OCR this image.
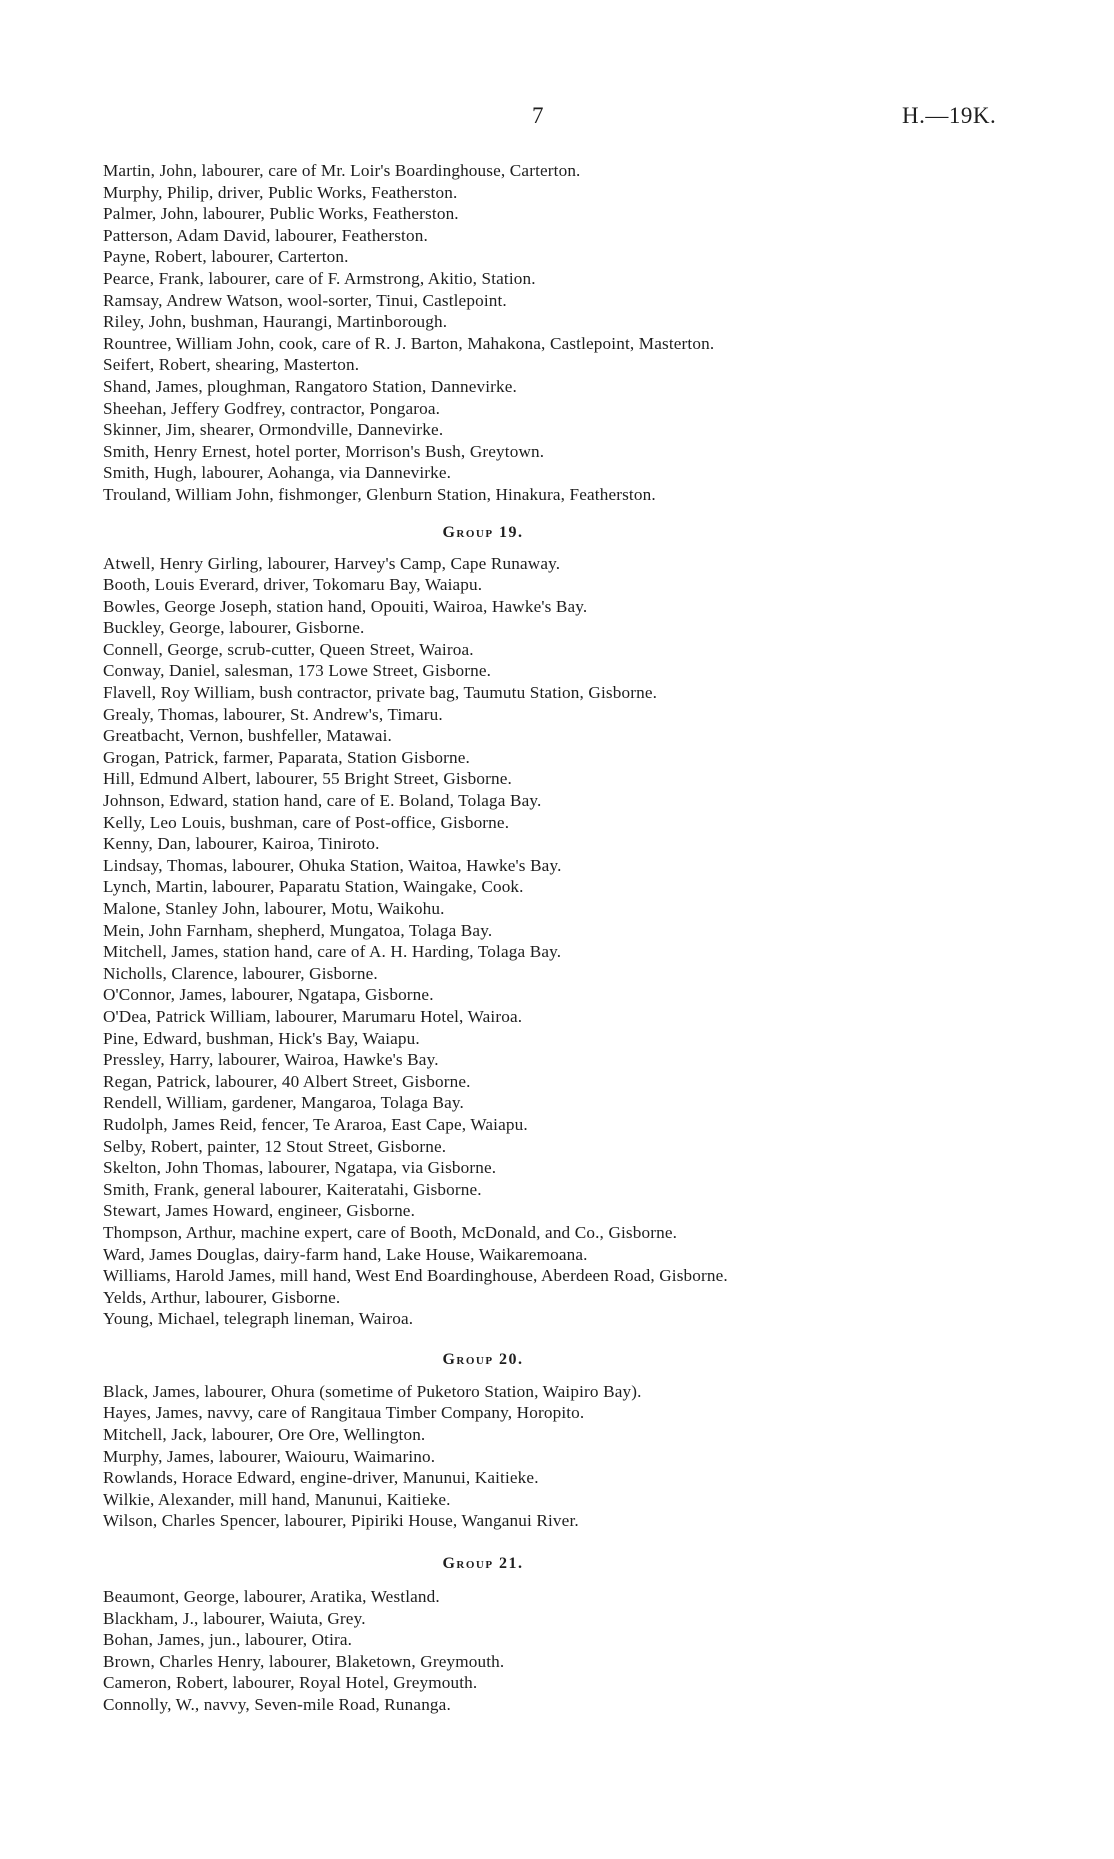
7	H.—19K.
Martin, John, labourer, care of Mr. Loir's Boardinghouse, Carterton.
Murphy, Philip, driver, Public Works, Featherston.
Palmer, John, labourer, Public Works, Featherston.
Patterson, Adam David, labourer, Featherston.
Payne, Robert, labourer, Carterton.
Pearce, Frank, labourer, care of F. Armstrong, Akitio, Station.
Ramsay, Andrew Watson, wool-sorter, Tinui, Castlepoint.
Riley, John, bushman, Haurangi, Martinborough.
Rountree, William John, cook, care of R. J. Barton, Mahakona, Castlepoint, Masterton.
Seifert, Robert, shearing, Masterton.
Shand, James, ploughman, Rangatoro Station, Dannevirke.
Sheehan, Jeffery Godfrey, contractor, Pongaroa.
Skinner, Jim, shearer, Ormondville, Dannevirke.
Smith, Henry Ernest, hotel porter, Morrison's Bush, Greytown.
Smith, Hugh, labourer, Aohanga, via Dannevirke.
Trouland, William John, fishmonger, Glenburn Station, Hinakura, Featherston.
Group 19.
Atwell, Henry Girling, labourer, Harvey's Camp, Cape Runaway.
Booth, Louis Everard, driver, Tokomaru Bay, Waiapu.
Bowles, George Joseph, station hand, Opouiti, Wairoa, Hawke's Bay.
Buckley, George, labourer, Gisborne.
Connell, George, scrub-cutter, Queen Street, Wairoa.
Conway, Daniel, salesman, 173 Lowe Street, Gisborne.
Flavell, Roy William, bush contractor, private bag, Taumutu Station, Gisborne.
Grealy, Thomas, labourer, St. Andrew's, Timaru.
Greatbacht, Vernon, bushfeller, Matawai.
Grogan, Patrick, farmer, Paparata, Station Gisborne.
Hill, Edmund Albert, labourer, 55 Bright Street, Gisborne.
Johnson, Edward, station hand, care of E. Boland, Tolaga Bay.
Kelly, Leo Louis, bushman, care of Post-office, Gisborne.
Kenny, Dan, labourer, Kairoa, Tiniroto.
Lindsay, Thomas, labourer, Ohuka Station, Waitoa, Hawke's Bay.
Lynch, Martin, labourer, Paparatu Station, Waingake, Cook.
Malone, Stanley John, labourer, Motu, Waikohu.
Mein, John Farnham, shepherd, Mungatoa, Tolaga Bay.
Mitchell, James, station hand, care of A. H. Harding, Tolaga Bay.
Nicholls, Clarence, labourer, Gisborne.
O'Connor, James, labourer, Ngatapa, Gisborne.
O'Dea, Patrick William, labourer, Marumaru Hotel, Wairoa.
Pine, Edward, bushman, Hick's Bay, Waiapu.
Pressley, Harry, labourer, Wairoa, Hawke's Bay.
Regan, Patrick, labourer, 40 Albert Street, Gisborne.
Rendell, William, gardener, Mangaroa, Tolaga Bay.
Rudolph, James Reid, fencer, Te Araroa, East Cape, Waiapu.
Selby, Robert, painter, 12 Stout Street, Gisborne.
Skelton, John Thomas, labourer, Ngatapa, via Gisborne.
Smith, Frank, general labourer, Kaiteratahi, Gisborne.
Stewart, James Howard, engineer, Gisborne.
Thompson, Arthur, machine expert, care of Booth, McDonald, and Co., Gisborne.
Ward, James Douglas, dairy-farm hand, Lake House, Waikaremoana.
Williams, Harold James, mill hand, West End Boardinghouse, Aberdeen Road, Gisborne.
Yelds, Arthur, labourer, Gisborne.
Young, Michael, telegraph lineman, Wairoa.
Group 20.
Black, James, labourer, Ohura (sometime of Puketoro Station, Waipiro Bay).
Hayes, James, navvy, care of Rangitaua Timber Company, Horopito.
Mitchell, Jack, labourer, Ore Ore, Wellington.
Murphy, James, labourer, Waiouru, Waimarino.
Rowlands, Horace Edward, engine-driver, Manunui, Kaitieke.
Wilkie, Alexander, mill hand, Manunui, Kaitieke.
Wilson, Charles Spencer, labourer, Pipiriki House, Wanganui River.
Group 21.
Beaumont, George, labourer, Aratika, Westland.
Blackham, J., labourer, Waiuta, Grey.
Bohan, James, jun., labourer, Otira.
Brown, Charles Henry, labourer, Blaketown, Greymouth.
Cameron, Robert, labourer, Royal Hotel, Greymouth.
Connolly, W., navvy, Seven-mile Road, Runanga.
